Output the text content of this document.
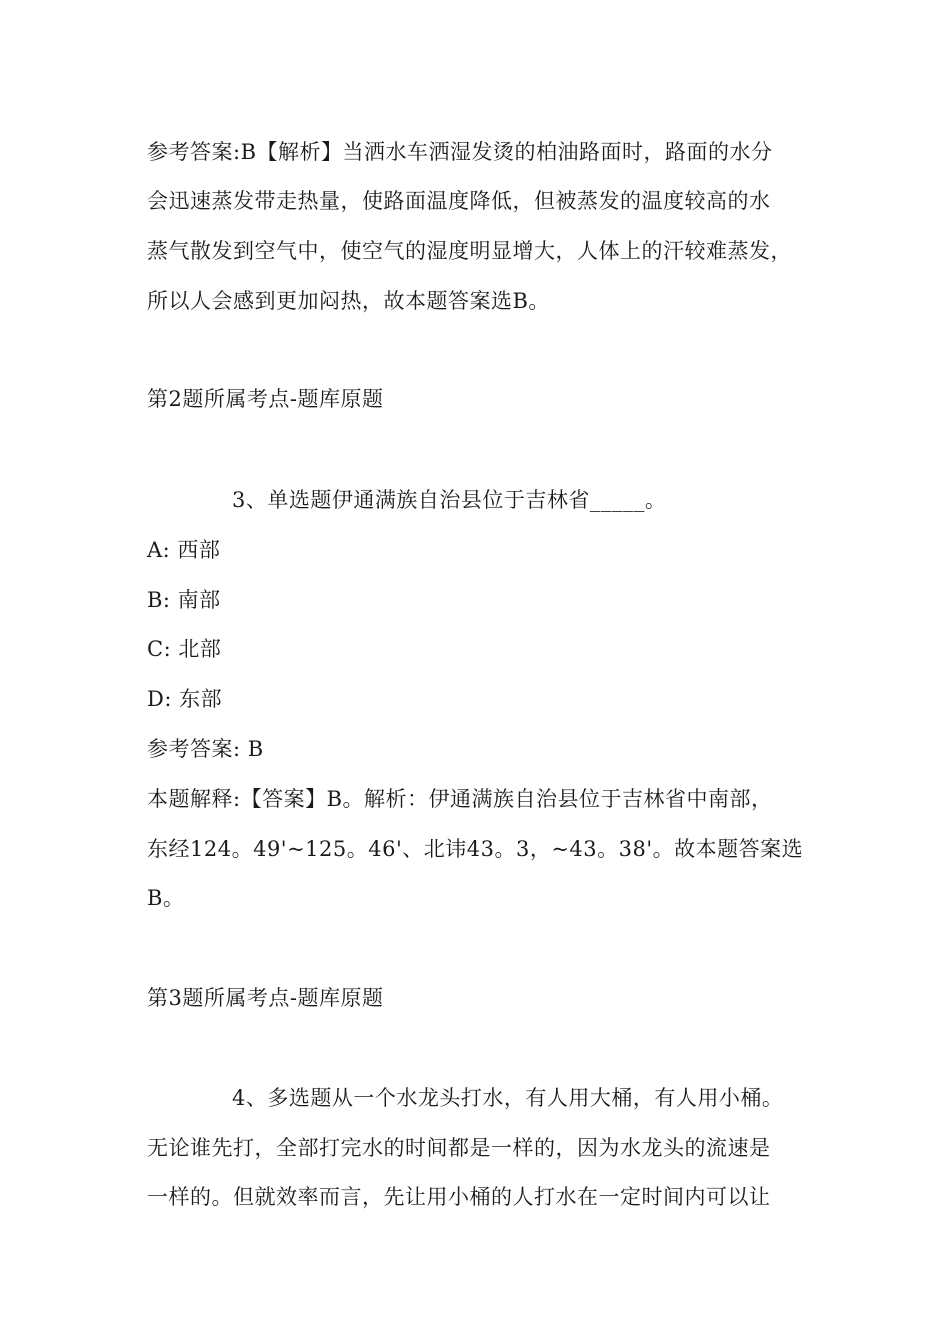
参考答案:B【解析】当洒水车洒湿发烫的柏油路面时，路面的水分
会迅速蒸发带走热量，使路面温度降低，但被蒸发的温度较高的水
蒸气散发到空气中，使空气的湿度明显增大，人体上的汗较难蒸发，
所以人会感到更加闷热，故本题答案选B。
第2题所属考点-题库原题
3、单选题伊通满族自治县位于吉林省_____。
A: 西部
B: 南部
C: 北部
D: 东部
参考答案: B
本题解释:【答案】B。解析：伊通满族自治县位于吉林省中南部，
东经124。49'~125。46'、北讳43。3，~43。38'。故本题答案选
B。
第3题所属考点-题库原题
4、多选题从一个水龙头打水，有人用大桶，有人用小桶。
无论谁先打，全部打完水的时间都是一样的，因为水龙头的流速是
一样的。但就效率而言，先让用小桶的人打水在一定时间内可以让
